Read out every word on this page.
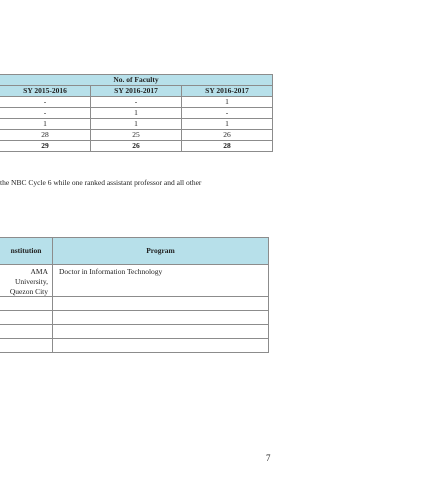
No. of Faculty		
SY 2015-2016	SY 2016-2017	SY 2016-2017
-	-	1
-	1	-
1	1	1
28	25	26
29	26	28
the NBC Cycle 6 while one ranked assistant professor and all other
nstitution	Program
AMA University, Quezon City	Doctor in Information Technology

7
